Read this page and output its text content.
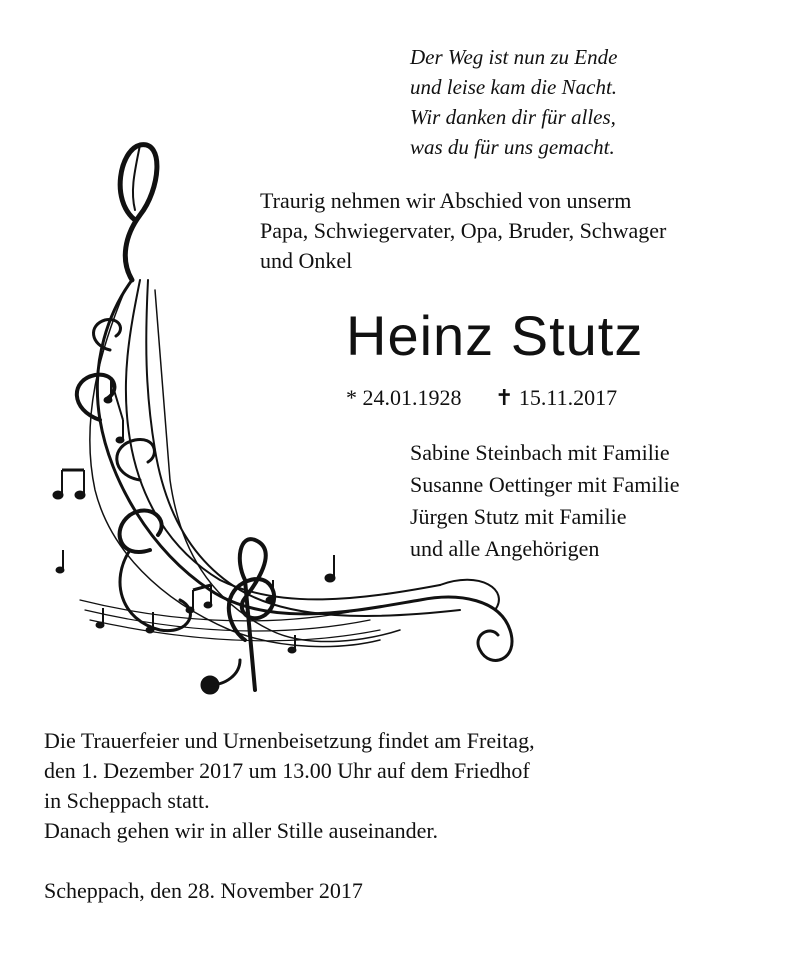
Der Weg ist nun zu Ende
und leise kam die Nacht.
Wir danken dir für alles,
was du für uns gemacht.
Traurig nehmen wir Abschied von unserm
Papa, Schwiegervater, Opa, Bruder, Schwager
und Onkel
Heinz Stutz
* 24.01.1928 ✝ 15.11.2017
Sabine Steinbach mit Familie
Susanne Oettinger mit Familie
Jürgen Stutz mit Familie
und alle Angehörigen
Die Trauerfeier und Urnenbeisetzung findet am Freitag,
den 1. Dezember 2017 um 13.00 Uhr auf dem Friedhof
in Scheppach statt.
Danach gehen wir in aller Stille auseinander.
Scheppach, den 28. November 2017
